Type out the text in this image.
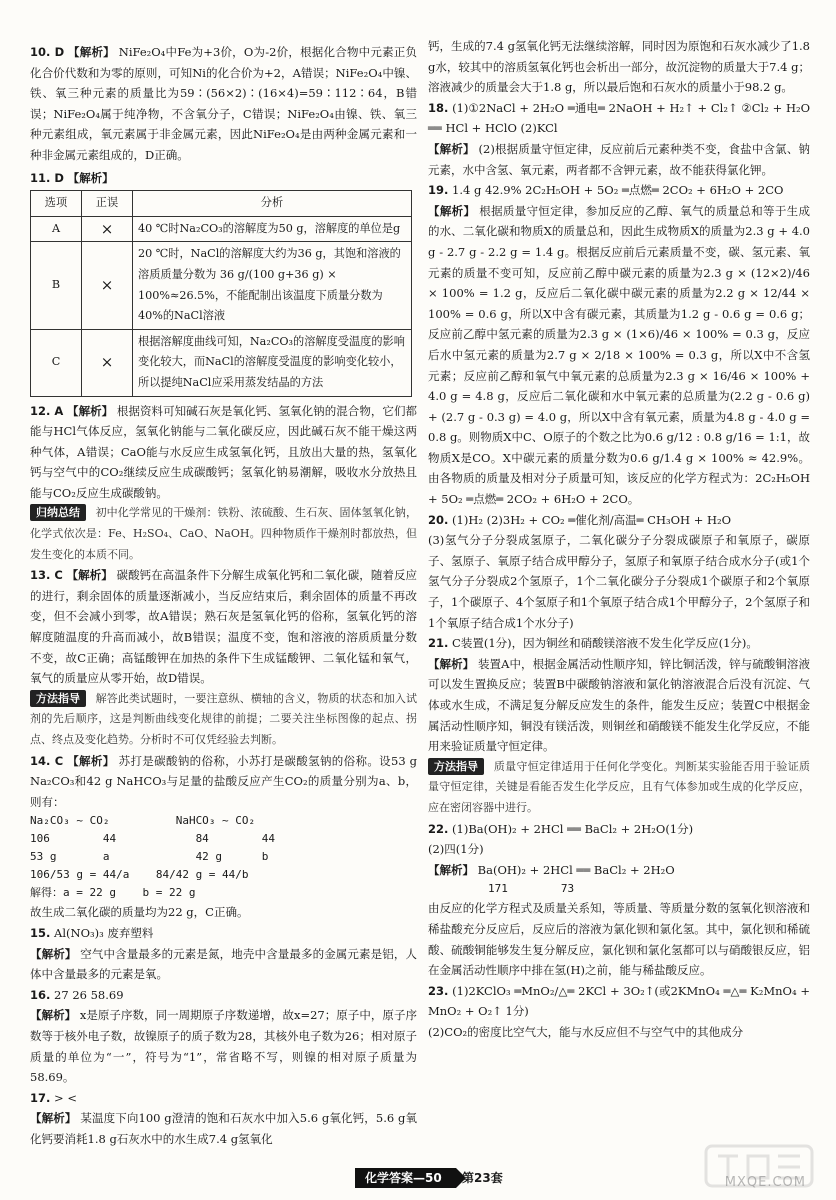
10. D 【解析】 NiFe₂O₄中Fe为+3价，O为-2价，根据化合物中元素正负化合价代数和为零的原则，可知Ni的化合价为+2，A错误；NiFe₂O₄中镍、铁、氧三种元素的质量比为59∶(56×2)∶(16×4)=59∶112∶64，B错误；NiFe₂O₄属于纯净物，不含氧分子，C错误；NiFe₂O₄由镍、铁、氧三种元素组成，氧元素属于非金属元素，因此NiFe₂O₄是由两种金属元素和一种非金属元素组成的，D正确。

11. D 【解析】

选项	正误	分析
A	×	40 ℃时Na₂CO₃的溶解度为50 g，溶解度的单位是g
B	×	20 ℃时，NaCl的溶解度大约为36 g，其饱和溶液的溶质质量分数为 36 g/(100 g+36 g) × 100%≈26.5%，不能配制出该温度下质量分数为40%的NaCl溶液
C	×	根据溶解度曲线可知，Na₂CO₃的溶解度受温度的影响变化较大，而NaCl的溶解度受温度的影响变化较小，所以提纯NaCl应采用蒸发结晶的方法

12. A 【解析】 根据资料可知碱石灰是氧化钙、氢氧化钠的混合物，它们都能与HCl气体反应，氢氧化钠能与二氧化碳反应，因此碱石灰不能干燥这两种气体，A错误；CaO能与水反应生成氢氧化钙，且放出大量的热，氢氧化钙与空气中的CO₂继续反应生成碳酸钙；氢氧化钠易潮解，吸收水分放热且能与CO₂反应生成碳酸钠。

归纳总结 初中化学常见的干燥剂：铁粉、浓硫酸、生石灰、固体氢氧化钠，化学式依次是：Fe、H₂SO₄、CaO、NaOH。四种物质作干燥剂时都放热，但发生变化的本质不同。

13. C 【解析】 碳酸钙在高温条件下分解生成氧化钙和二氧化碳，随着反应的进行，剩余固体的质量逐渐减小，当反应结束后，剩余固体的质量不再改变，但不会减小到零，故A错误；熟石灰是氢氧化钙的俗称，氢氧化钙的溶解度随温度的升高而减小，故B错误；温度不变，饱和溶液的溶质质量分数不变，故C正确；高锰酸钾在加热的条件下生成锰酸钾、二氧化锰和氧气，氧气的质量应从零开始，故D错误。

方法指导 解答此类试题时，一要注意纵、横轴的含义，物质的状态和加入试剂的先后顺序，这是判断曲线变化规律的前提；二要关注坐标图像的起点、拐点、终点及变化趋势。分析时不可仅凭经验去判断。

14. C 【解析】 苏打是碳酸钠的俗称，小苏打是碳酸氢钠的俗称。设53 g Na₂CO₃和42 g NaHCO₃与足量的盐酸反应产生CO₂的质量分别为a、b，则有：

Na₂CO₃ ~ CO₂          NaHCO₃ ~ CO₂
106        44            84        44
53 g       a             42 g      b
106/53 g = 44/a    84/42 g = 44/b
解得：a = 22 g    b = 22 g

故生成二氧化碳的质量均为22 g，C正确。

15. Al(NO₃)₃ 废弃塑料
【解析】 空气中含量最多的元素是氮，地壳中含量最多的金属元素是铝，人体中含量最多的元素是氧。

16. 27 26 58.69
【解析】 x是原子序数，同一周期原子序数递增，故x=27；原子中，原子序数等于核外电子数，故镍原子的质子数为28，其核外电子数为26；相对原子质量的单位为“一”，符号为“1”，常省略不写，则镍的相对原子质量为58.69。

17. > <
【解析】 某温度下向100 g澄清的饱和石灰水中加入5.6 g氧化钙，5.6 g氧化钙要消耗1.8 g石灰水中的水生成7.4 g氢氧化

钙，生成的7.4 g氢氧化钙无法继续溶解，同时因为原饱和石灰水减少了1.8 g水，较其中的溶质氢氧化钙也会析出一部分，故沉淀物的质量大于7.4 g；溶液减少的质量会大于1.8 g，所以最后饱和石灰水的质量小于98.2 g。

18. (1)①2NaCl + 2H₂O ═通电═ 2NaOH + H₂↑ + Cl₂↑ ②Cl₂ + H₂O ══ HCl + HClO (2)KCl
【解析】 (2)根据质量守恒定律，反应前后元素种类不变，食盐中含氯、钠元素，水中含氢、氧元素，两者都不含钾元素，故不能获得氯化钾。

19. 1.4 g 42.9% 2C₂H₅OH + 5O₂ ═点燃═ 2CO₂ + 6H₂O + 2CO
【解析】 根据质量守恒定律，参加反应的乙醇、氧气的质量总和等于生成的水、二氧化碳和物质X的质量总和，因此生成物质X的质量为2.3 g + 4.0 g - 2.7 g - 2.2 g = 1.4 g。根据反应前后元素质量不变，碳、氢元素、氧元素的质量不变可知，反应前乙醇中碳元素的质量为2.3 g × (12×2)/46 × 100% = 1.2 g，反应后二氧化碳中碳元素的质量为2.2 g × 12/44 × 100% = 0.6 g，所以X中含有碳元素，其质量为1.2 g - 0.6 g = 0.6 g；反应前乙醇中氢元素的质量为2.3 g × (1×6)/46 × 100% = 0.3 g，反应后水中氢元素的质量为2.7 g × 2/18 × 100% = 0.3 g，所以X中不含氢元素；反应前乙醇和氧气中氧元素的总质量为2.3 g × 16/46 × 100% + 4.0 g = 4.8 g，反应后二氧化碳和水中氧元素的总质量为(2.2 g - 0.6 g) + (2.7 g - 0.3 g) = 4.0 g，所以X中含有氧元素，质量为4.8 g - 4.0 g = 0.8 g。则物质X中C、O原子的个数之比为0.6 g/12 : 0.8 g/16 = 1:1，故物质X是CO。X中碳元素的质量分数为0.6 g/1.4 g × 100% ≈ 42.9%。由各物质的质量及相对分子质量可知，该反应的化学方程式为：2C₂H₅OH + 5O₂ ═点燃═ 2CO₂ + 6H₂O + 2CO。

20. (1)H₂ (2)3H₂ + CO₂ ═催化剂/高温═ CH₃OH + H₂O
(3)氢气分子分裂成氢原子，二氧化碳分子分裂成碳原子和氧原子，碳原子、氢原子、氧原子结合成甲醇分子，氢原子和氧原子结合成水分子(或1个氢气分子分裂成2个氢原子，1个二氧化碳分子分裂成1个碳原子和2个氧原子，1个碳原子、4个氢原子和1个氧原子结合成1个甲醇分子，2个氢原子和1个氧原子结合成1个水分子)

21. C装置(1分)，因为铜丝和硝酸镁溶液不发生化学反应(1分)。
【解析】 装置A中，根据金属活动性顺序知，锌比铜活泼，锌与硫酸铜溶液可以发生置换反应；装置B中碳酸钠溶液和氯化钠溶液混合后没有沉淀、气体或水生成，不满足复分解反应发生的条件，能发生反应；装置C中根据金属活动性顺序知，铜没有镁活泼，则铜丝和硝酸镁不能发生化学反应，不能用来验证质量守恒定律。

方法指导 质量守恒定律适用于任何化学变化。判断某实验能否用于验证质量守恒定律，关键是看能否发生化学反应，且有气体参加或生成的化学反应，应在密闭容器中进行。

22. (1)Ba(OH)₂ + 2HCl ══ BaCl₂ + 2H₂O(1分)
(2)四(1分)
【解析】 Ba(OH)₂ + 2HCl ══ BaCl₂ + 2H₂O

171        73

由反应的化学方程式及质量关系知，等质量、等质量分数的氢氧化钡溶液和稀盐酸充分反应后，反应后的溶液为氯化钡和氯化氢。其中，氯化钡和稀硫酸、硫酸铜能够发生复分解反应，氯化钡和氯化氢都可以与硝酸银反应，铝在金属活动性顺序中排在氢(H)之前，能与稀盐酸反应。

23. (1)2KClO₃ ═MnO₂/△═ 2KCl + 3O₂↑(或2KMnO₄ ═△═ K₂MnO₄ + MnO₂ + O₂↑ 1分)
(2)CO₂的密度比空气大，能与水反应但不与空气中的其他成分

化学答案—50	第23套	MXQE.COM
